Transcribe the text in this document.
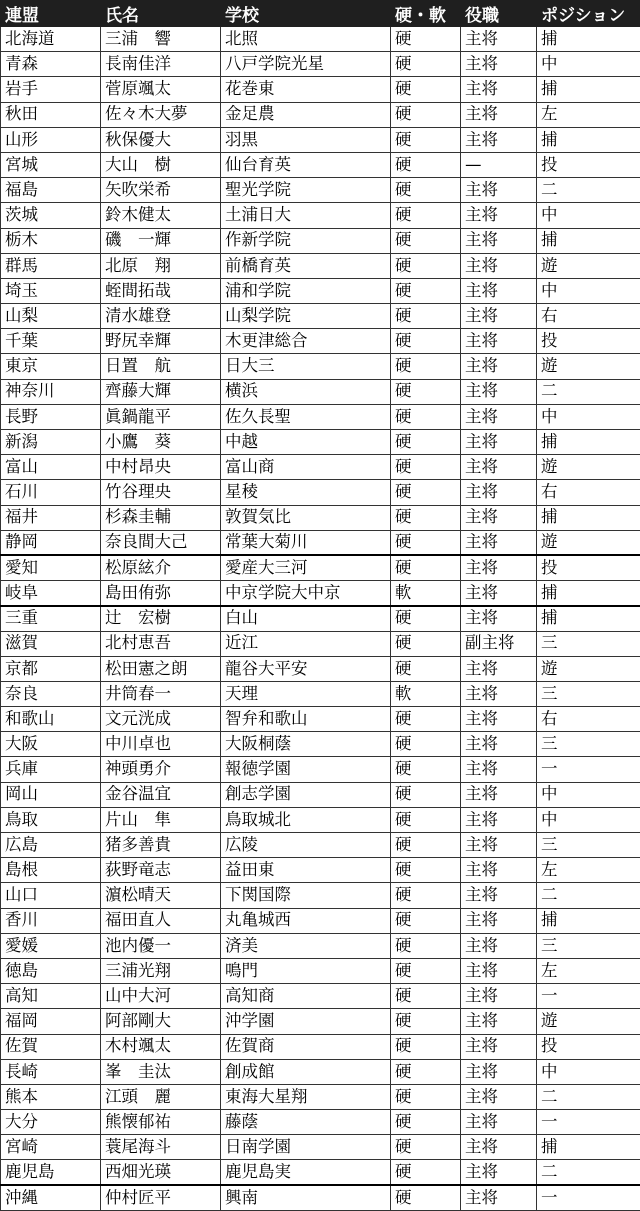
連盟	氏名	学校	硬・軟	役職	ポジション
北海道	三浦　響	北照	硬	主将	捕
青森	長南佳洋	八戸学院光星	硬	主将	中
岩手	菅原颯太	花巻東	硬	主将	捕
秋田	佐々木大夢	金足農	硬	主将	左
山形	秋保優大	羽黒	硬	主将	捕
宮城	大山　樹	仙台育英	硬	—	投
福島	矢吹栄希	聖光学院	硬	主将	二
茨城	鈴木健太	土浦日大	硬	主将	中
栃木	磯　一輝	作新学院	硬	主将	捕
群馬	北原　翔	前橋育英	硬	主将	遊
埼玉	蛭間拓哉	浦和学院	硬	主将	中
山梨	清水雄登	山梨学院	硬	主将	右
千葉	野尻幸輝	木更津総合	硬	主将	投
東京	日置　航	日大三	硬	主将	遊
神奈川	齊藤大輝	横浜	硬	主将	二
長野	眞鍋龍平	佐久長聖	硬	主将	中
新潟	小鷹　葵	中越	硬	主将	捕
富山	中村昂央	富山商	硬	主将	遊
石川	竹谷理央	星稜	硬	主将	右
福井	杉森圭輔	敦賀気比	硬	主将	捕
静岡	奈良間大己	常葉大菊川	硬	主将	遊
愛知	松原絃介	愛産大三河	硬	主将	投
岐阜	島田侑弥	中京学院大中京	軟	主将	捕
三重	辻　宏樹	白山	硬	主将	捕
滋賀	北村恵吾	近江	硬	副主将	三
京都	松田憲之朗	龍谷大平安	硬	主将	遊
奈良	井筒春一	天理	軟	主将	三
和歌山	文元洸成	智弁和歌山	硬	主将	右
大阪	中川卓也	大阪桐蔭	硬	主将	三
兵庫	神頭勇介	報徳学園	硬	主将	一
岡山	金谷温宜	創志学園	硬	主将	中
鳥取	片山　隼	鳥取城北	硬	主将	中
広島	猪多善貴	広陵	硬	主将	三
島根	荻野竜志	益田東	硬	主将	左
山口	濵松晴天	下関国際	硬	主将	二
香川	福田直人	丸亀城西	硬	主将	捕
愛媛	池内優一	済美	硬	主将	三
徳島	三浦光翔	鳴門	硬	主将	左
高知	山中大河	高知商	硬	主将	一
福岡	阿部剛大	沖学園	硬	主将	遊
佐賀	木村颯太	佐賀商	硬	主将	投
長崎	峯　圭汰	創成館	硬	主将	中
熊本	江頭　麗	東海大星翔	硬	主将	二
大分	熊懐郁祐	藤蔭	硬	主将	一
宮崎	蓑尾海斗	日南学園	硬	主将	捕
鹿児島	西畑光瑛	鹿児島実	硬	主将	二
沖縄	仲村匠平	興南	硬	主将	一
